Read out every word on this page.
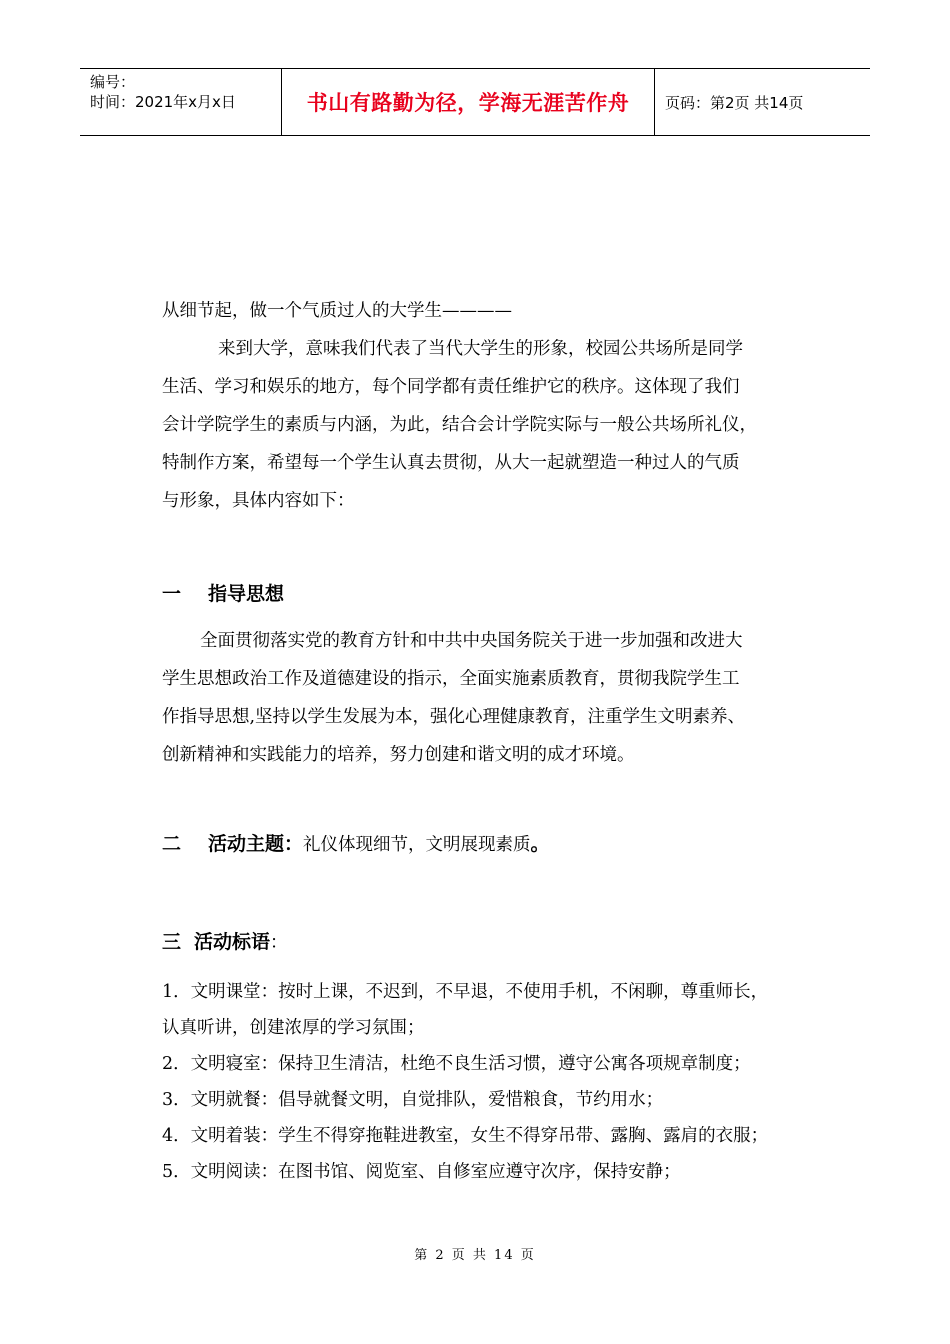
编号：
时间：2021年x月x日	书山有路勤为径，学海无涯苦作舟	页码：第2页 共14页
从细节起，做一个气质过人的大学生————
来到大学，意味我们代表了当代大学生的形象，校园公共场所是同学
生活、学习和娱乐的地方，每个同学都有责任维护它的秩序。这体现了我们
会计学院学生的素质与内涵，为此，结合会计学院实际与一般公共场所礼仪，
特制作方案，希望每一个学生认真去贯彻，从大一起就塑造一种过人的气质
与形象，具体内容如下：
一 指导思想
全面贯彻落实党的教育方针和中共中央国务院关于进一步加强和改进大
学生思想政治工作及道德建设的指示，全面实施素质教育，贯彻我院学生工
作指导思想,坚持以学生发展为本，强化心理健康教育，注重学生文明素养、
创新精神和实践能力的培养，努力创建和谐文明的成才环境。
二 活动主题：礼仪体现细节，文明展现素质。
三 活动标语：
1．文明课堂：按时上课，不迟到，不早退，不使用手机，不闲聊，尊重师长，
认真听讲，创建浓厚的学习氛围；
2．文明寝室：保持卫生清洁，杜绝不良生活习惯，遵守公寓各项规章制度；
3．文明就餐：倡导就餐文明，自觉排队，爱惜粮食，节约用水；
4．文明着装：学生不得穿拖鞋进教室，女生不得穿吊带、露胸、露肩的衣服；
5．文明阅读：在图书馆、阅览室、自修室应遵守次序，保持安静；
第 2 页 共 14 页
